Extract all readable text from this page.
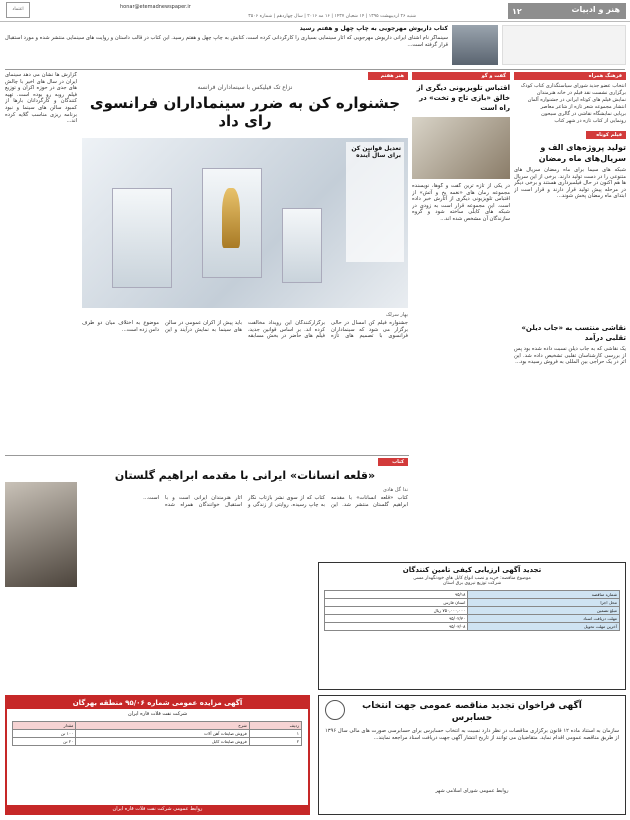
هنر و ادبیات
۱۲
honar@etemadnewspaper.ir
شنبه ۲۶ اردیبهشت ۱۳۹۵ | ۱۴ شعبان ۱۴۳۷ | ۱۶ مه ۲۰۱۶ | سال چهاردهم | شماره ۳۵۰۶
اعتماد
کتاب داریوش مهرجویی به چاپ چهل و هفتم رسید
سینماگر نام آشنای ایرانی داریوش مهرجویی که آثار سینمایی بسیاری را کارگردانی کرده است، کتابش به چاپ چهل و هفتم رسید. این کتاب در قالب داستان و روایت های سینمایی منتشر شده و مورد استقبال قرار گرفته است...
فرهنگ همراه
انتخاب عضو جدید شورای سیاستگذاری کتاب کودک
برگزاری نشست نقد فیلم در خانه هنرمندان
نمایش فیلم های کوتاه ایرانی در جشنواره آلمان
انتشار مجموعه شعر تازه از شاعر معاصر
برپایی نمایشگاه نقاشی در گالری سیحون
رونمایی از کتاب تازه در شهر کتاب
فیلم کوتاه
تولید پروژه‌های الف و سریال‌های ماه رمضان
شبکه های سیما برای ماه رمضان سریال های متنوعی را در دست تولید دارند. برخی از این سریال ها هم اکنون در حال فیلمبرداری هستند و برخی دیگر در مرحله پیش تولید قرار دارند و قرار است از ابتدای ماه رمضان پخش شوند...
نقاشی منتسب به «جاب دیلن» تقلبی درآمد
یک نقاشی که به جاب دیلن نسبت داده شده بود پس از بررسی کارشناسان تقلبی تشخیص داده شد. این اثر در یک حراجی بین المللی به فروش رسیده بود...
گفت و گو
اقتباس تلویزیونی دیگری از خالق «بازی تاج و تخت» در راه است
در یکی از تازه ترین گفت و گوها، نویسنده مجموعه رمان های «نغمه یخ و آتش» از اقتباس تلویزیونی دیگری از آثارش خبر داده است. این مجموعه قرار است به زودی در شبکه های کابلی ساخته شود و گروه سازندگان آن مشخص شده اند...
هنر هفتم
نزاع تک فیلیکس با سینماداران فرانسه
جشنواره کن به ضرر سینماداران فرانسوی رای داد
تعدیل قوانین کن برای سال آینده
بهار سرلک
جشنواره فیلم کن امسال در حالی برگزار می شود که سینماداران فرانسوی با تصمیم های تازه برگزارکنندگان این رویداد مخالفت کرده اند. بر اساس قوانین جدید، فیلم های حاضر در بخش مسابقه باید پیش از اکران عمومی در سالن های سینما به نمایش درآیند و این موضوع به اختلاف میان دو طرف دامن زده است...
گزارش ها نشان می دهد سینمای ایران در سال های اخیر با چالش های جدی در حوزه اکران و توزیع فیلم روبه رو بوده است. تهیه کنندگان و کارگردانان بارها از کمبود سالن های سینما و نبود برنامه ریزی مناسب گلایه کرده اند...
کتاب
«قلعه انسانات» ایرانی با مقدمه ابراهیم گلستان
ندا گل هادی
کتاب «قلعه انسانات» با مقدمه ابراهیم گلستان منتشر شد. این کتاب که از سوی نشر بازتاب نگار به چاپ رسیده، روایتی از زندگی و آثار هنرمندان ایرانی است و با استقبال خوانندگان همراه شده است...
تجدید آگهی ارزیابی کیفی تامین کنندگان
موضوع مناقصه: خرید و نصب انواع کابل های خودنگهدار مسی
شرکت توزیع نیروی برق استان
شماره مناقصه	۹۵/۱۸
محل اجرا	استان فارس
مبلغ تضمین	۷۵۰,۰۰۰,۰۰۰ ریال
مهلت دریافت اسناد	۹۵/۰۲/۳۰
آخرین مهلت تحویل	۹۵/۰۳/۰۸
آگهی مزایده عمومی شماره ۹۵/۰۶ منطقه بهرگان
شرکت نفت فلات قاره ایران
ردیف	شرح	مقدار
۱	فروش ضایعات آهن آلات	۱۰۰ تن
۲	فروش ضایعات کابل	۲۰ تن
روابط عمومی شرکت نفت فلات قاره ایران
آگهی فراخوان تجدید مناقصه عمومی جهت انتخاب حسابرس
سازمان به استناد ماده ۱۲ قانون برگزاری مناقصات در نظر دارد نسبت به انتخاب حسابرس برای حسابرسی صورت های مالی سال ۱۳۹۶ از طریق مناقصه عمومی اقدام نماید. متقاضیان می توانند از تاریخ انتشار آگهی جهت دریافت اسناد مراجعه نمایند...
روابط عمومی شورای اسلامی شهر
